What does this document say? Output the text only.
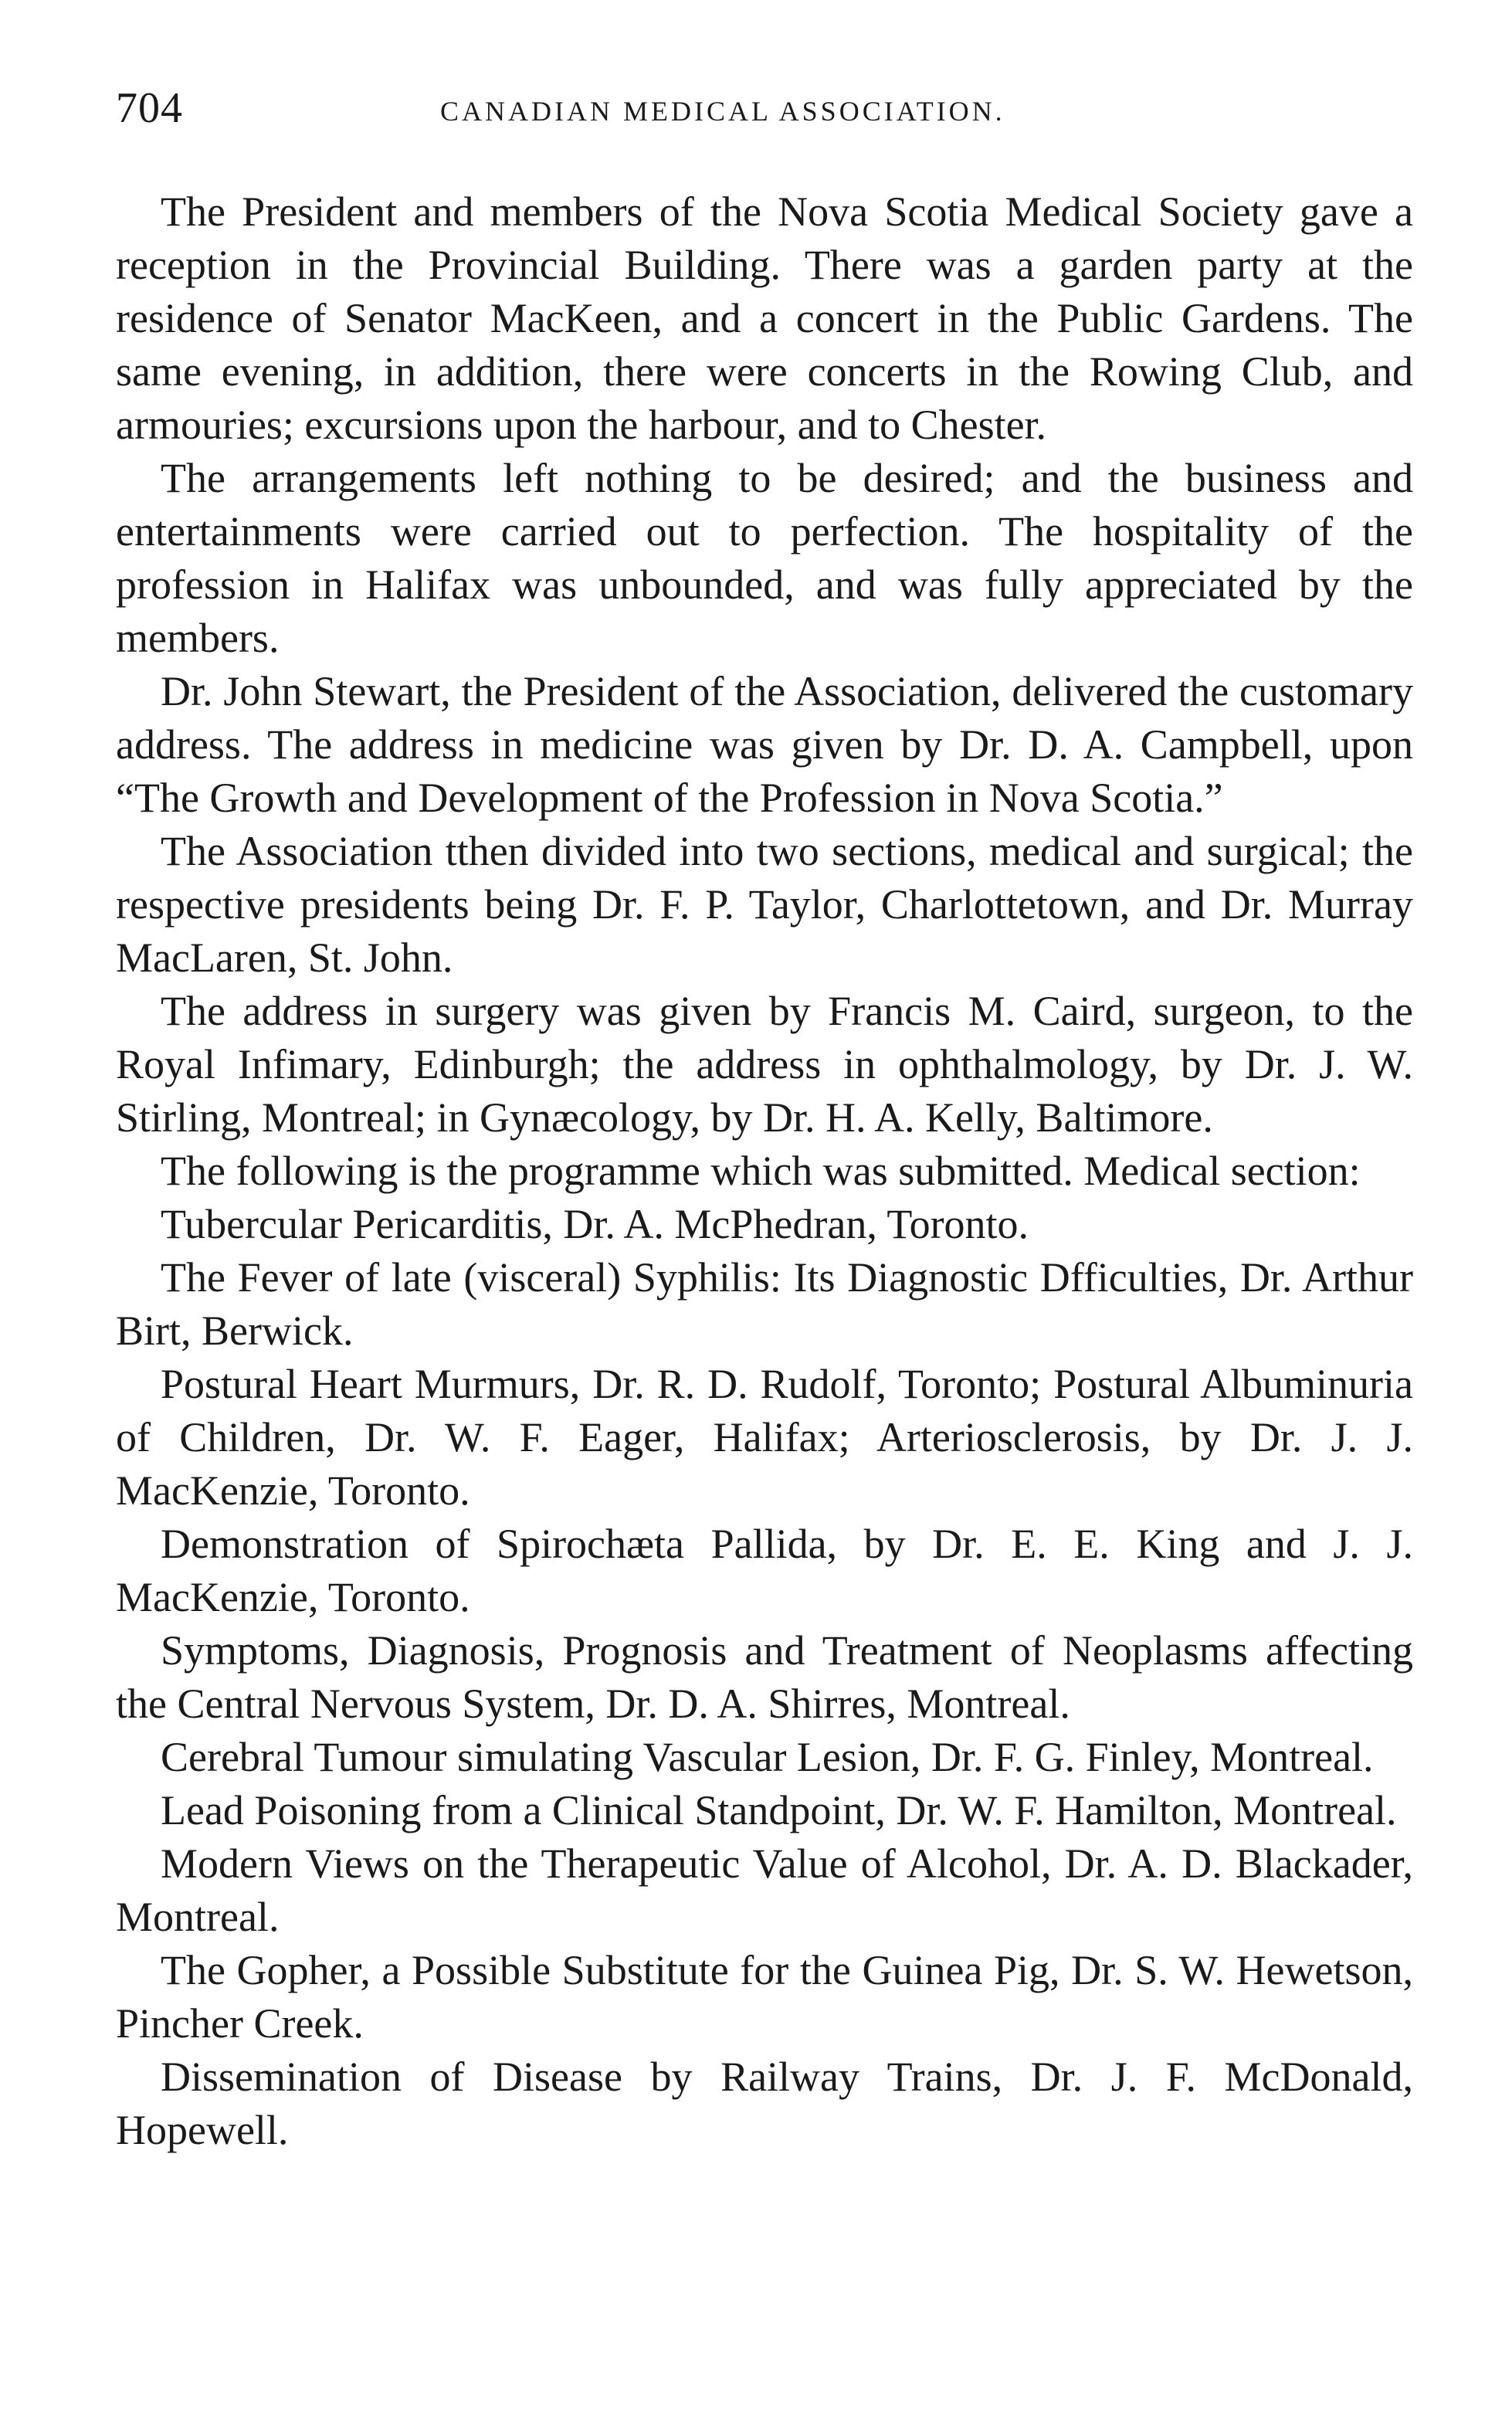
704	CANADIAN MEDICAL ASSOCIATION.

The President and members of the Nova Scotia Medical Society gave a reception in the Provincial Building. There was a garden party at the residence of Senator MacKeen, and a concert in the Public Gardens. The same evening, in addition, there were concerts in the Rowing Club, and armouries; excursions upon the harbour, and to Chester.

The arrangements left nothing to be desired; and the business and entertainments were carried out to perfection. The hospitality of the profession in Halifax was unbounded, and was fully appreciated by the members.

Dr. John Stewart, the President of the Association, delivered the customary address. The address in medicine was given by Dr. D. A. Campbell, upon “The Growth and Development of the Profession in Nova Scotia.”

The Association tthen divided into two sections, medical and surgical; the respective presidents being Dr. F. P. Taylor, Charlottetown, and Dr. Murray MacLaren, St. John.

The address in surgery was given by Francis M. Caird, surgeon, to the Royal Infimary, Edinburgh; the address in ophthalmology, by Dr. J. W. Stirling, Montreal; in Gynæcology, by Dr. H. A. Kelly, Baltimore.

The following is the programme which was submitted. Medical section:

Tubercular Pericarditis, Dr. A. McPhedran, Toronto.

The Fever of late (visceral) Syphilis: Its Diagnostic Dfficulties, Dr. Arthur Birt, Berwick.

Postural Heart Murmurs, Dr. R. D. Rudolf, Toronto; Postural Albuminuria of Children, Dr. W. F. Eager, Halifax; Arteriosclerosis, by Dr. J. J. MacKenzie, Toronto.

Demonstration of Spirochæta Pallida, by Dr. E. E. King and J. J. MacKenzie, Toronto.

Symptoms, Diagnosis, Prognosis and Treatment of Neoplasms affecting the Central Nervous System, Dr. D. A. Shirres, Montreal.

Cerebral Tumour simulating Vascular Lesion, Dr. F. G. Finley, Montreal.

Lead Poisoning from a Clinical Standpoint, Dr. W. F. Hamilton, Montreal.

Modern Views on the Therapeutic Value of Alcohol, Dr. A. D. Blackader, Montreal.

The Gopher, a Possible Substitute for the Guinea Pig, Dr. S. W. Hewetson, Pincher Creek.

Dissemination of Disease by Railway Trains, Dr. J. F. McDonald, Hopewell.
